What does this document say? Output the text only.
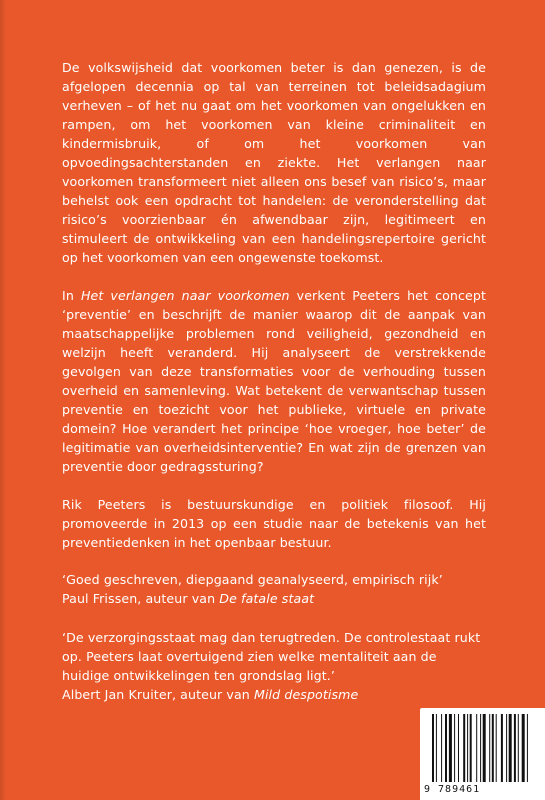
De volkswijsheid dat voorkomen beter is dan genezen, is de afgelopen decennia op tal van terreinen tot beleidsadagium verheven – of het nu gaat om het voorkomen van ongelukken en rampen, om het voorkomen van kleine criminaliteit en kindermisbruik, of om het voorkomen van opvoedingsachterstanden en ziekte. Het verlangen naar voorkomen transformeert niet alleen ons besef van risico’s, maar behelst ook een opdracht tot handelen: de veronderstelling dat risico’s voorzienbaar én afwendbaar zijn, legitimeert en stimuleert de ontwikkeling van een handelingsrepertoire gericht op het voorkomen van een ongewenste toekomst.

In Het verlangen naar voorkomen verkent Peeters het concept ‘preventie’ en beschrijft de manier waarop dit de aanpak van maatschappelijke problemen rond veiligheid, gezondheid en welzijn heeft veranderd. Hij analyseert de verstrekkende gevolgen van deze transformaties voor de verhouding tussen overheid en samenleving. Wat betekent de verwantschap tussen preventie en toezicht voor het publieke, virtuele en private domein? Hoe verandert het principe ‘hoe vroeger, hoe beter’ de legitimatie van overheidsinterventie? En wat zijn de grenzen van preventie door gedragssturing?

Rik Peeters is bestuurskundige en politiek filosoof. Hij promoveerde in 2013 op een studie naar de betekenis van het preventiedenken in het openbaar bestuur.

‘Goed geschreven, diepgaand geanalyseerd, empirisch rijk’

Paul Frissen, auteur van De fatale staat

‘De verzorgingsstaat mag dan terugtreden. De controlestaat rukt op. Peeters laat overtuigend zien welke mentaliteit aan de huidige ontwikkelingen ten grondslag ligt.’

Albert Jan Kruiter, auteur van Mild despotisme

9 789461
